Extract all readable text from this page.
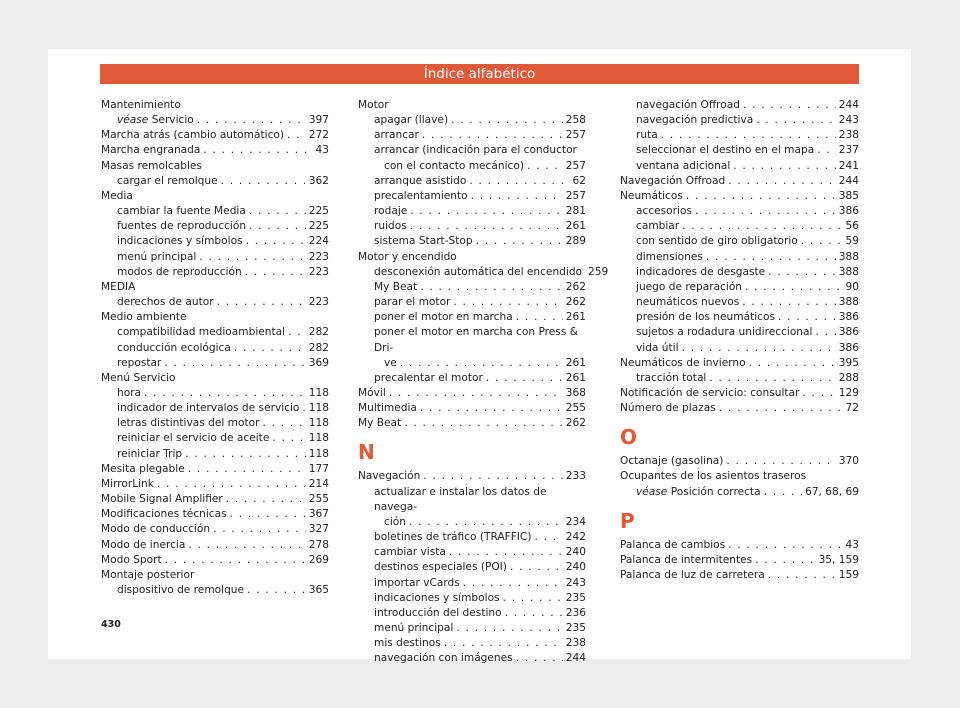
Índice alfabético
Mantenimiento
véase Servicio . . .	397
Marcha atrás (cambio automático) . . . 272
Marcha engranada . . .	43
Masas remolcables
cargar el remolque . . .	362
Media
cambiar la fuente Media . . .	225
fuentes de reproducción . . .	225
indicaciones y símbolos . . .	224
menú principal . . .	223
modos de reproducción . . .	223
MEDIA
derechos de autor . . .	223
Medio ambiente
compatibilidad medioambiental . . . 282
conducción ecológica . . .	282
repostar . . .	369
Menú Servicio
hora . . .	118
indicador de intervalos de servicio . . . 118
letras distintivas del motor . . .	118
reiniciar el servicio de aceite . . .	118
reiniciar Trip . . .	118
Mesita plegable . . .	177
MirrorLink . . .	214
Mobile Signal Amplifier . . .	255
Modificaciones técnicas . . .	367
Modo de conducción . . .	327
Modo de inercia . . .	278
Modo Sport . . .	269
Montaje posterior
dispositivo de remolque . . .	365
Motor
apagar (llave) . . .	258
arrancar . . .	257
arrancar (indicación para el conductor
con el contacto mecánico) . . .	257
arranque asistido . . .	62
precalentamiento . . .	257
rodaje . . .	281
ruidos . . .	261
sistema Start-Stop . . .	289
Motor y encendido
desconexión automática del encendido 259
My Beat . . .	262
parar el motor . . .	262
poner el motor en marcha . . .	261
poner el motor en marcha con Press & Dri-
ve . . .	261
precalentar el motor . . .	261
Móvil . . .	368
Multimedia . . .	255
My Beat . . .	262
N
Navegación . . .	233
actualizar e instalar los datos de navega-
ción . . .	234
boletines de tráfico (TRAFFIC) . . .	242
cambiar vista . . .	240
destinos especiales (POI) . . .	240
importar vCards . . .	243
indicaciones y símbolos . . .	235
introducción del destino . . .	236
menú principal . . .	235
mis destinos . . .	238
navegación con imágenes . . .	244
navegación Offroad . . .	244
navegación predictiva . . .	243
ruta . . .	238
seleccionar el destino en el mapa . . . 237
ventana adicional . . .	241
Navegación Offroad . . .	244
Neumáticos . . .	385
accesorios . . .	386
cambiar . . .	56
con sentido de giro obligatorio . . .	59
dimensiones . . .	388
indicadores de desgaste . . .	388
juego de reparación . . .	90
neumáticos nuevos . . .	388
presión de los neumáticos . . .	386
sujetos a rodadura unidireccional . . . 386
vida útil . . .	386
Neumáticos de invierno . . .	395
tracción total . . .	288
Notificación de servicio: consultar . . .	129
Número de plazas . . .	72
O
Octanaje (gasolina) . . .	370
Ocupantes de los asientos traseros
véase Posición correcta . . .	67, 68, 69
P
Palanca de cambios . . .	43
Palanca de intermitentes . . .	35, 159
Palanca de luz de carretera . . .	159
430
